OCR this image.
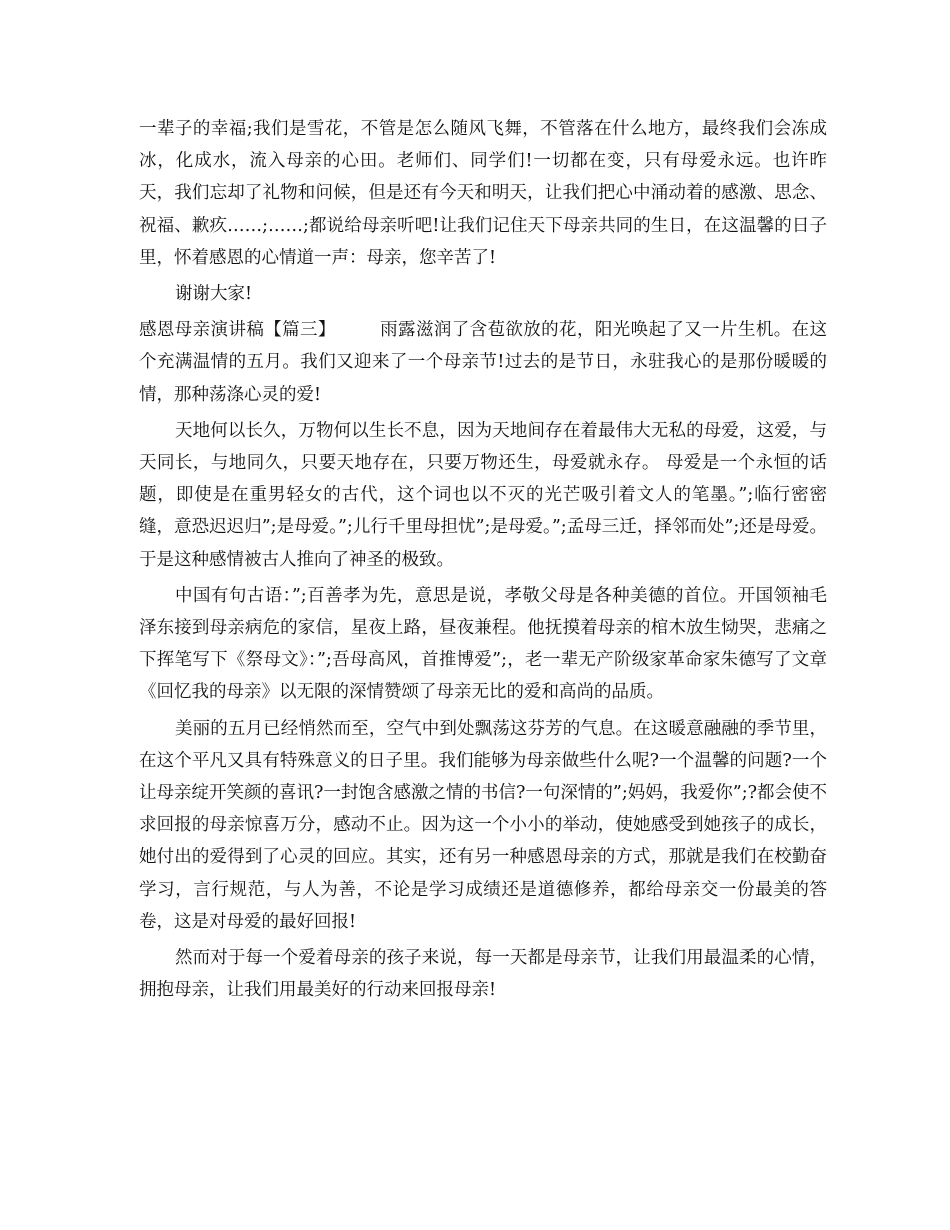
一辈子的幸福;我们是雪花，不管是怎么随风飞舞，不管落在什么地方，最终我们会冻成冰，化成水，流入母亲的心田。老师们、同学们!一切都在变，只有母爱永远。也许昨天，我们忘却了礼物和问候，但是还有今天和明天，让我们把心中涌动着的感激、思念、祝福、歉疚……;……;都说给母亲听吧!让我们记住天下母亲共同的生日，在这温馨的日子里，怀着感恩的心情道一声：母亲，您辛苦了!

谢谢大家!

感恩母亲演讲稿【篇三】	雨露滋润了含苞欲放的花，阳光唤起了又一片生机。在这个充满温情的五月。我们又迎来了一个母亲节!过去的是节日，永驻我心的是那份暖暖的情，那种荡涤心灵的爱!

天地何以长久，万物何以生长不息，因为天地间存在着最伟大无私的母爱，这爱，与天同长，与地同久，只要天地存在，只要万物还生，母爱就永存。 母爱是一个永恒的话题，即使是在重男轻女的古代，这个词也以不灭的光芒吸引着文人的笔墨。”;临行密密缝，意恐迟迟归”;是母爱。”;儿行千里母担忧”;是母爱。”;孟母三迁，择邻而处”;还是母爱。于是这种感情被古人推向了神圣的极致。

中国有句古语：”;百善孝为先，意思是说，孝敬父母是各种美德的首位。开国领袖毛泽东接到母亲病危的家信，星夜上路，昼夜兼程。他抚摸着母亲的棺木放生恸哭，悲痛之下挥笔写下《祭母文》：”;吾母高风，首推博爱”;，老一辈无产阶级家革命家朱德写了文章《回忆我的母亲》以无限的深情赞颂了母亲无比的爱和高尚的品质。

美丽的五月已经悄然而至，空气中到处飘荡这芬芳的气息。在这暖意融融的季节里，在这个平凡又具有特殊意义的日子里。我们能够为母亲做些什么呢?一个温馨的问题?一个让母亲绽开笑颜的喜讯?一封饱含感激之情的书信?一句深情的”;妈妈，我爱你”;?都会使不求回报的母亲惊喜万分，感动不止。因为这一个小小的举动，使她感受到她孩子的成长，她付出的爱得到了心灵的回应。其实，还有另一种感恩母亲的方式，那就是我们在校勤奋学习，言行规范，与人为善，不论是学习成绩还是道德修养，都给母亲交一份最美的答卷，这是对母爱的最好回报!

然而对于每一个爱着母亲的孩子来说，每一天都是母亲节，让我们用最温柔的心情，拥抱母亲，让我们用最美好的行动来回报母亲!
